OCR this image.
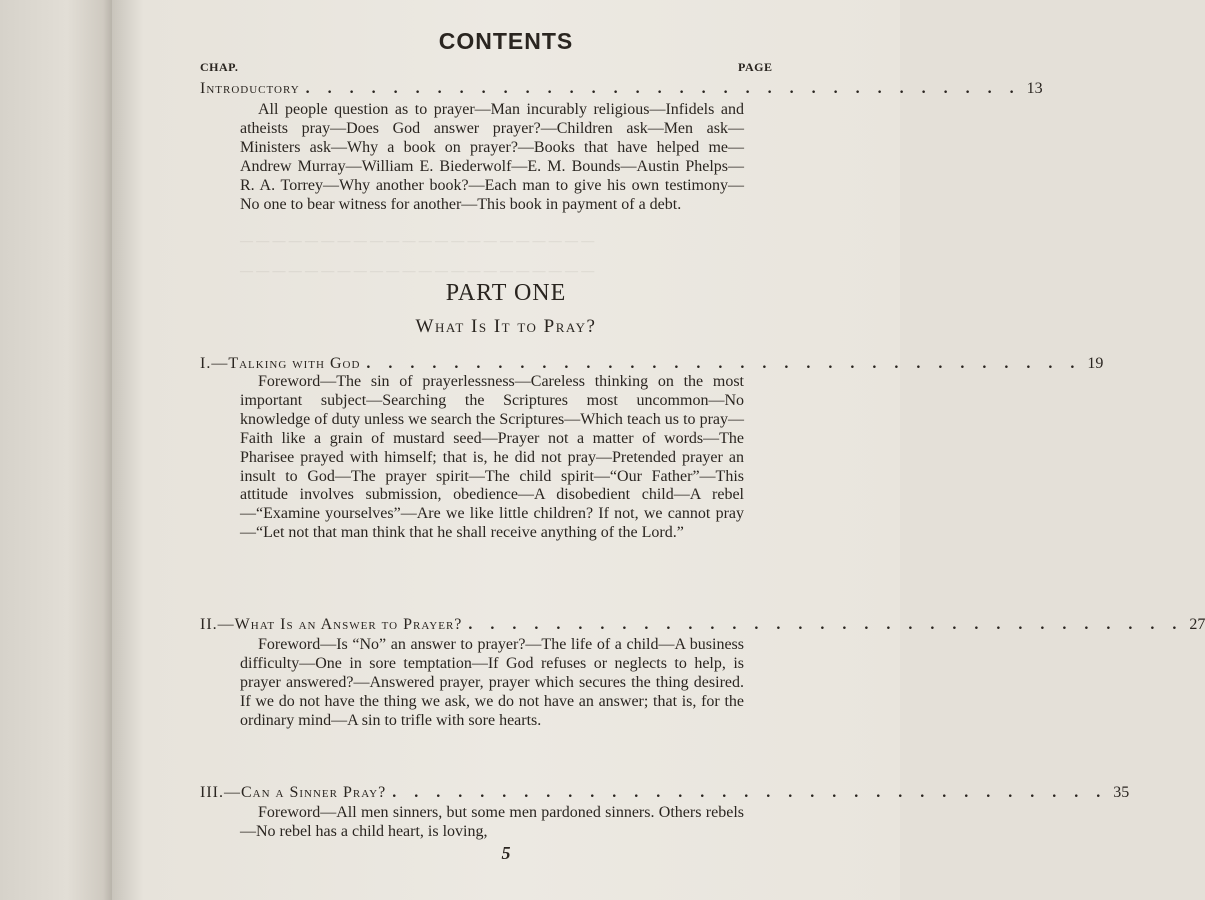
— — — — — — — — — — — — — — — — — — — — — —
— — — — — — — — — — — — — — — — — — — — — —
CONTENTS
CHAP.	PAGE
Introductory . . . . . . . . . . . . . . . . . . . . . . . . . . . . . . . . . 13
All people question as to prayer—Man incurably religious—Infidels and atheists pray—Does God answer prayer?—Children ask—Men ask—Ministers ask—Why a book on prayer?—Books that have helped me—Andrew Murray—William E. Biederwolf—E. M. Bounds—Austin Phelps—R. A. Torrey—Why another book?—Each man to give his own testimony—No one to bear witness for another—This book in payment of a debt.
PART ONE
What Is It to Pray?
I.—Talking with God . . . . . . . . . . . . . . . . . . . . . . . . . . . . . . . . . 19
Foreword—The sin of prayerlessness—Careless thinking on the most important subject—Searching the Scriptures most uncommon—No knowledge of duty unless we search the Scriptures—Which teach us to pray—Faith like a grain of mustard seed—Prayer not a matter of words—The Pharisee prayed with himself; that is, he did not pray—Pretended prayer an insult to God—The prayer spirit—The child spirit—“Our Father”—This attitude involves submission, obedience—A disobedient child—A rebel—“Examine yourselves”—Are we like little children? If not, we cannot pray—“Let not that man think that he shall receive anything of the Lord.”
II.—What Is an Answer to Prayer? . . . . . . . . . . . . . . . . . . . . . . . . . . . . . . . . . 27
Foreword—Is “No” an answer to prayer?—The life of a child—A business difficulty—One in sore temptation—If God refuses or neglects to help, is prayer answered?—Answered prayer, prayer which secures the thing desired. If we do not have the thing we ask, we do not have an answer; that is, for the ordinary mind—A sin to trifle with sore hearts.
III.—Can a Sinner Pray? . . . . . . . . . . . . . . . . . . . . . . . . . . . . . . . . . 35
Foreword—All men sinners, but some men pardoned sinners. Others rebels—No rebel has a child heart, is loving,
5
